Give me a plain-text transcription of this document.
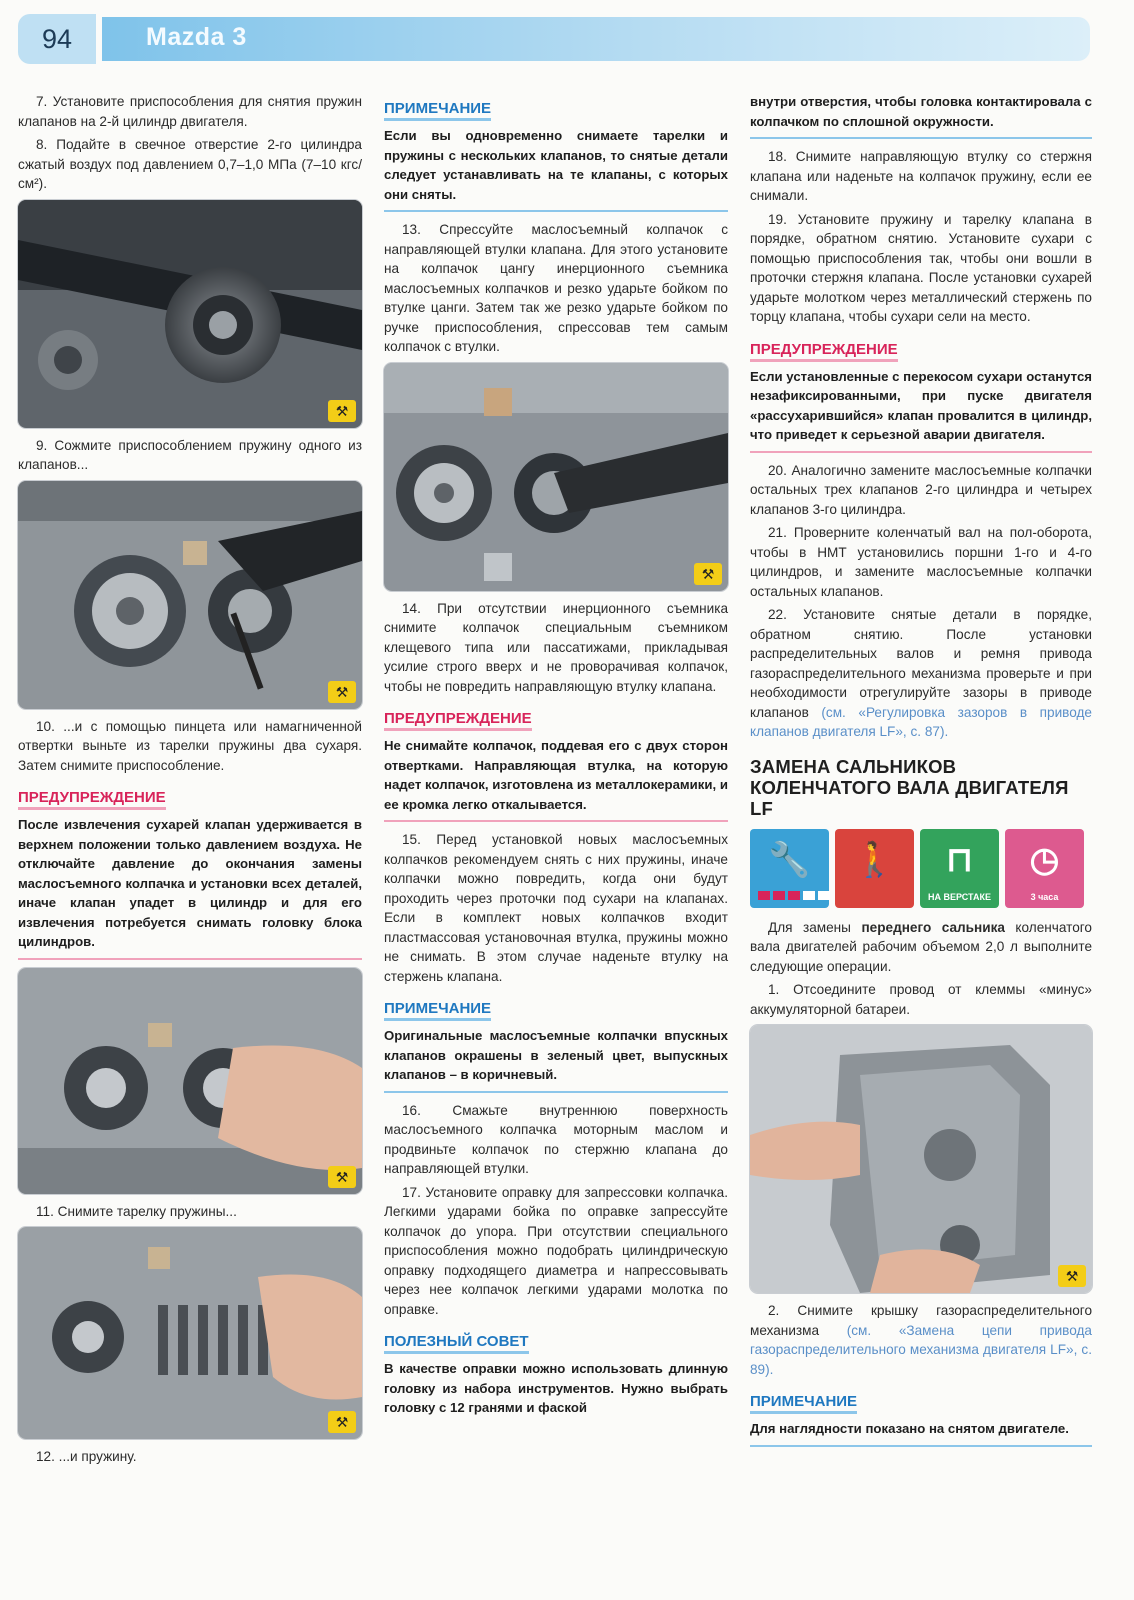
94	Mazda 3

7. Установите приспособления для снятия пружин клапанов на 2-й цилиндр двигателя.

8. Подайте в свечное отверстие 2-го цилиндра сжатый воздух под давлением 0,7–1,0 МПа (7–10 кгс/см²).

⚒

9. Сожмите приспособлением пружину одного из клапанов...

⚒

10. ...и с помощью пинцета или намагниченной отвертки выньте из тарелки пружины два сухаря. Затем снимите приспособление.

ПРЕДУПРЕЖДЕНИЕ
После извлечения сухарей клапан удерживается в верхнем положении только давлением воздуха. Не отключайте давление до окончания замены маслосъемного колпачка и установки всех деталей, иначе клапан упадет в цилиндр и для его извлечения потребуется снимать головку блока цилиндров.
⚒

11. Снимите тарелку пружины...

⚒

12. ...и пружину.

ПРИМЕЧАНИЕ
Если вы одновременно снимаете тарелки и пружины с нескольких клапанов, то снятые детали следует устанавливать на те клапаны, с которых они сняты.

13. Спрессуйте маслосъемный колпачок с направляющей втулки клапана. Для этого установите на колпачок цангу инерционного съемника маслосъемных колпачков и резко ударьте бойком по втулке цанги. Затем так же резко ударьте бойком по ручке приспособления, спрессовав тем самым колпачок с втулки.

⚒

14. При отсутствии инерционного съемника снимите колпачок специальным съемником клещевого типа или пассатижами, прикладывая усилие строго вверх и не проворачивая колпачок, чтобы не повредить направляющую втулку клапана.

ПРЕДУПРЕЖДЕНИЕ
Не снимайте колпачок, поддевая его с двух сторон отвертками. Направляющая втулка, на которую надет колпачок, изготовлена из металлокерамики, и ее кромка легко откалывается.

15. Перед установкой новых маслосъемных колпачков рекомендуем снять с них пружины, иначе колпачки можно повредить, когда они будут проходить через проточки под сухари на клапанах. Если в комплект новых колпачков входит пластмассовая установочная втулка, пружины можно не снимать. В этом случае наденьте втулку на стержень клапана.

ПРИМЕЧАНИЕ
Оригинальные маслосъемные колпачки впускных клапанов окрашены в зеленый цвет, выпускных клапанов – в коричневый.

16. Смажьте внутреннюю поверхность маслосъемного колпачка моторным маслом и продвиньте колпачок по стержню клапана до направляющей втулки.

17. Установите оправку для запрессовки колпачка. Легкими ударами бойка по оправке запрессуйте колпачок до упора. При отсутствии специального приспособления можно подобрать цилиндрическую оправку подходящего диаметра и напрессовывать через нее колпачок легкими ударами молотка по оправке.

ПОЛЕЗНЫЙ СОВЕТ
В качестве оправки можно использовать длинную головку из набора инструментов. Нужно выбрать головку с 12 гранями и фаской
внутри отверстия, чтобы головка контактировала с колпачком по сплошной окружности.

18. Снимите направляющую втулку со стержня клапана или наденьте на колпачок пружину, если ее снимали.

19. Установите пружину и тарелку клапана в порядке, обратном снятию. Установите сухари с помощью приспособления так, чтобы они вошли в проточки стержня клапана. После установки сухарей ударьте молотком через металлический стержень по торцу клапана, чтобы сухари сели на место.

ПРЕДУПРЕЖДЕНИЕ
Если установленные с перекосом сухари останутся незафиксированными, при пуске двигателя «рассухарившийся» клапан провалится в цилиндр, что приведет к серьезной аварии двигателя.

20. Аналогично замените маслосъемные колпачки остальных трех клапанов 2-го цилиндра и четырех клапанов 3-го цилиндра.

21. Проверните коленчатый вал на пол-оборота, чтобы в НМТ установились поршни 1-го и 4-го цилиндров, и замените маслосъемные колпачки остальных клапанов.

22. Установите снятые детали в порядке, обратном снятию. После установки распределительных валов и ремня привода газораспределительного механизма проверьте и при необходимости отрегулируйте зазоры в приводе клапанов (см. «Регулировка зазоров в приводе клапанов двигателя LF», с. 87).

ЗАМЕНА САЛЬНИКОВ КОЛЕНЧАТОГО ВАЛА ДВИГАТЕЛЯ LF
🔧	🚶	⊓
НА ВЕРСТАКЕ
◷
3 часа

Для замены переднего сальника коленчатого вала двигателей рабочим объемом 2,0 л выполните следующие операции.

1. Отсоедините провод от клеммы «минус» аккумуляторной батареи.

⚒

2. Снимите крышку газораспределительного механизма (см. «Замена цепи привода газораспределительного механизма двигателя LF», с. 89).

ПРИМЕЧАНИЕ
Для наглядности показано на снятом двигателе.
